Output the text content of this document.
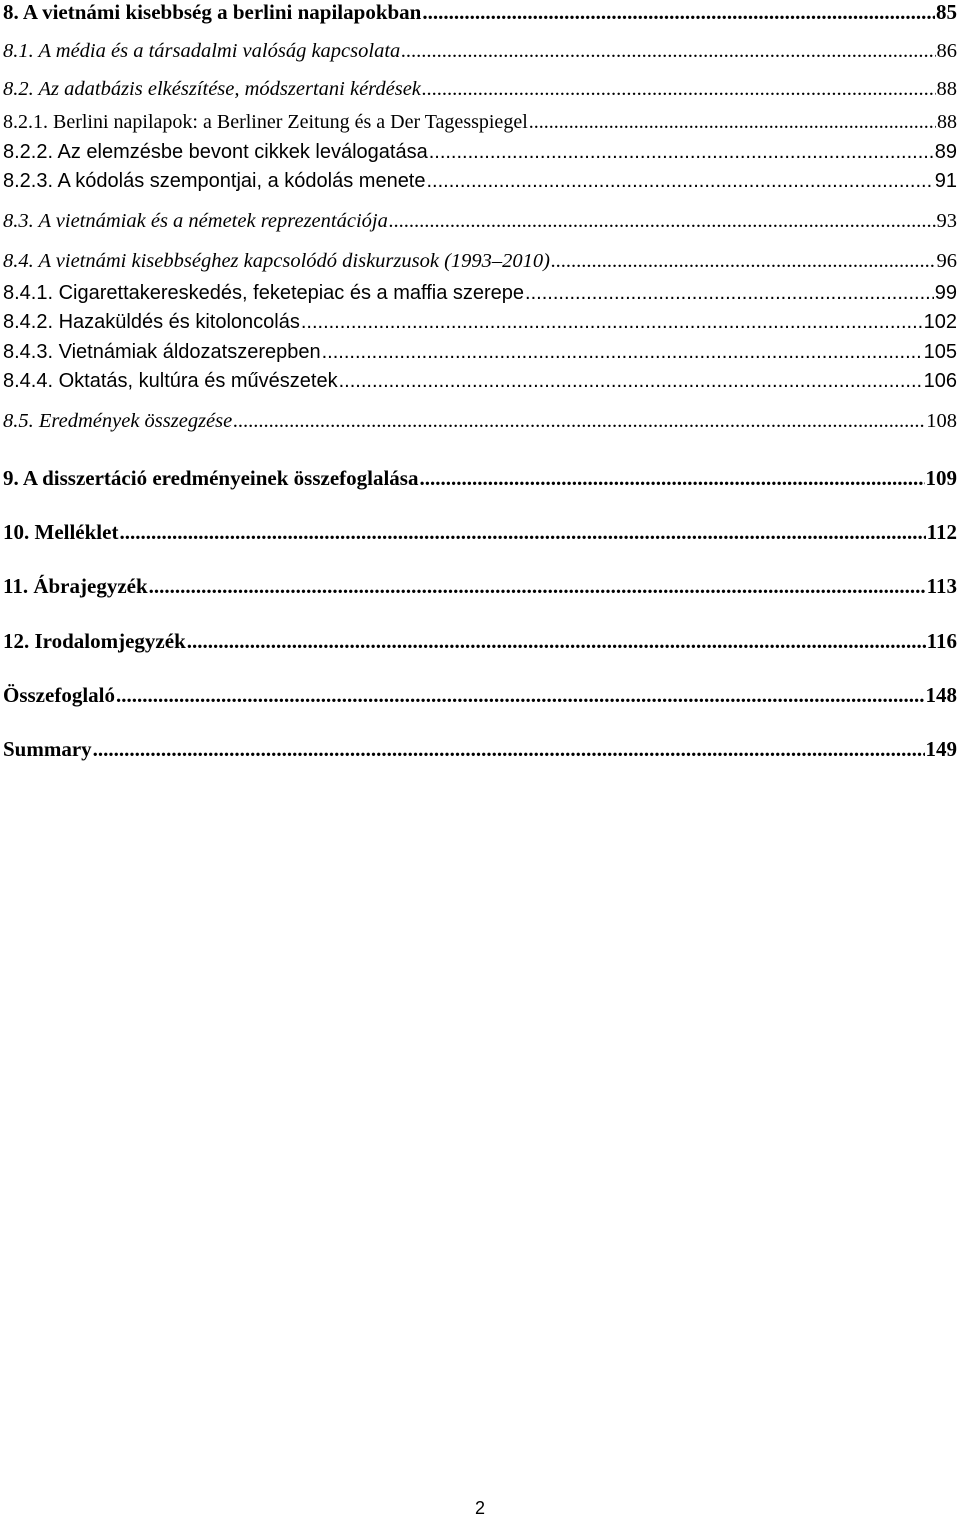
8. A vietnámi kisebbség a berlini napilapokban .....	85
8.1. A média és a társadalmi valóság kapcsolata .....	86
8.2. Az adatbázis elkészítése, módszertani kérdések .....	88
8.2.1. Berlini napilapok: a Berliner Zeitung és a Der Tagesspiegel .....	88
8.2.2. Az elemzésbe bevont cikkek leválogatása .....	89
8.2.3. A kódolás szempontjai, a kódolás menete .....	91
8.3. A vietnámiak és a németek reprezentációja .....	93
8.4. A vietnámi kisebbséghez kapcsolódó diskurzusok (1993–2010) .....	96
8.4.1. Cigarettakereskedés, feketepiac és a maffia szerepe .....	99
8.4.2. Hazaküldés és kitoloncolás .....	102
8.4.3. Vietnámiak áldozatszerepben .....	105
8.4.4. Oktatás, kultúra és művészetek .....	106
8.5. Eredmények összegzése .....	108
9. A disszertáció eredményeinek összefoglalása .....	109
10. Melléklet .....	112
11. Ábrajegyzék .....	113
12. Irodalomjegyzék .....	116
Összefoglaló .....	148
Summary .....	149
2
